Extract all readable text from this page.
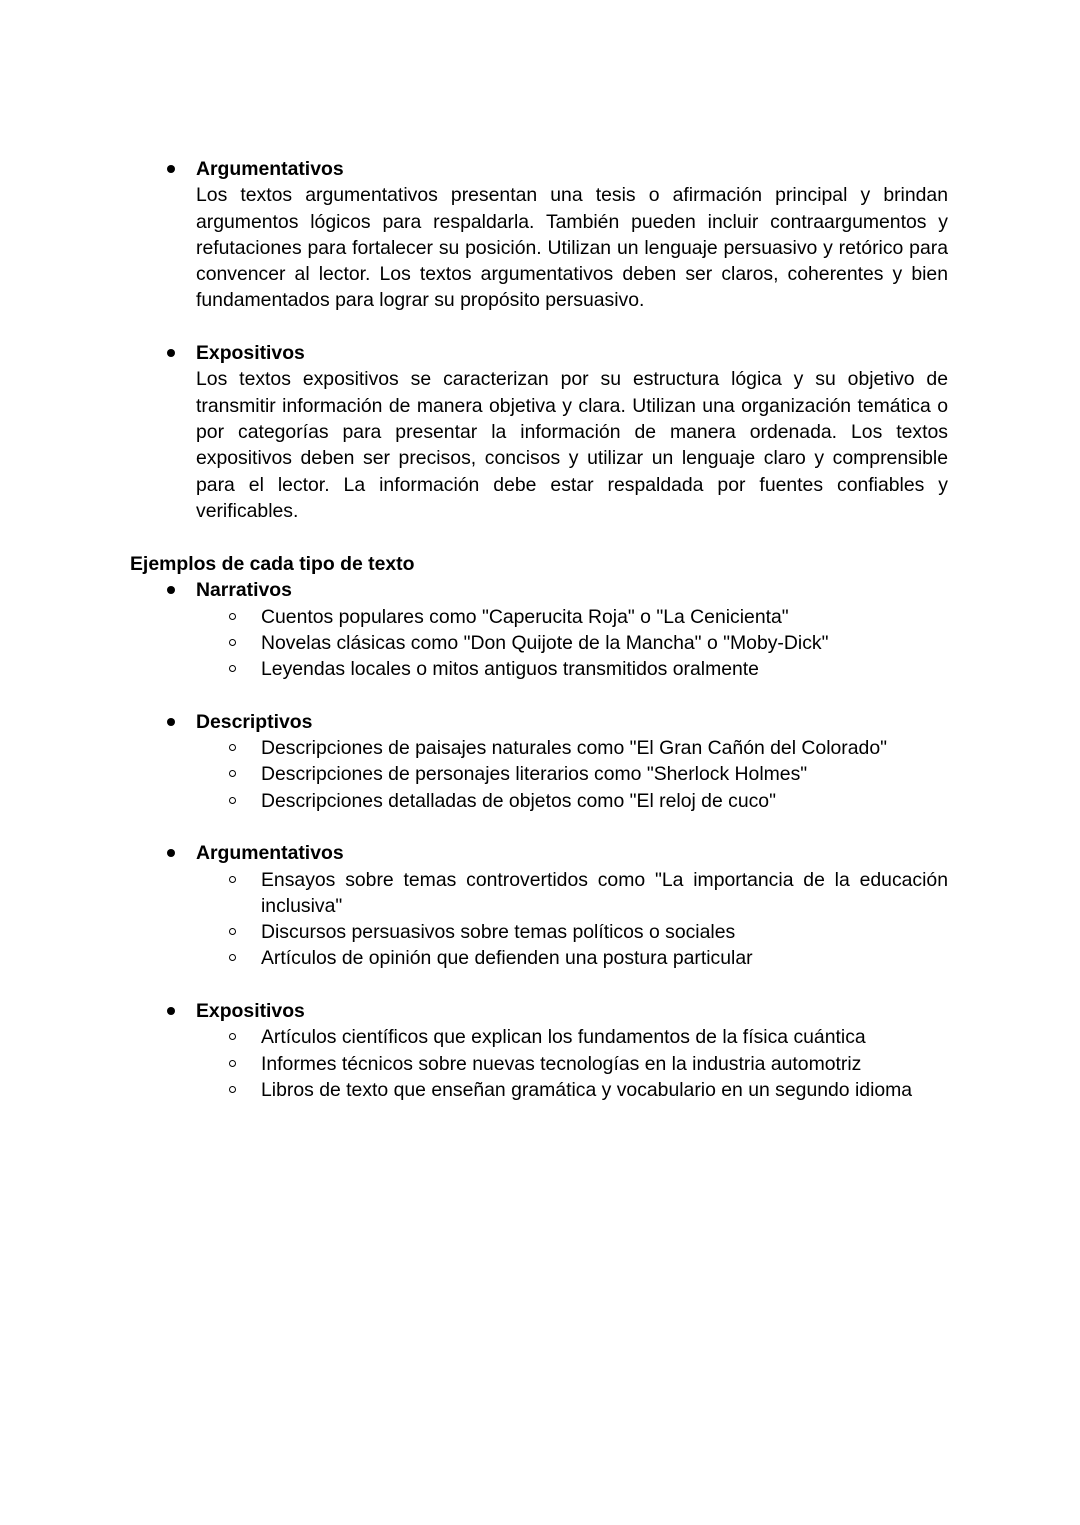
Argumentativos
Los textos argumentativos presentan una tesis o afirmación principal y brindan argumentos lógicos para respaldarla. También pueden incluir contraargumentos y refutaciones para fortalecer su posición. Utilizan un lenguaje persuasivo y retórico para convencer al lector. Los textos argumentativos deben ser claros, coherentes y bien fundamentados para lograr su propósito persuasivo.
Expositivos
Los textos expositivos se caracterizan por su estructura lógica y su objetivo de transmitir información de manera objetiva y clara. Utilizan una organización temática o por categorías para presentar la información de manera ordenada. Los textos expositivos deben ser precisos, concisos y utilizar un lenguaje claro y comprensible para el lector. La información debe estar respaldada por fuentes confiables y verificables.
Ejemplos de cada tipo de texto
Narrativos
Cuentos populares como "Caperucita Roja" o "La Cenicienta"
Novelas clásicas como "Don Quijote de la Mancha" o "Moby-Dick"
Leyendas locales o mitos antiguos transmitidos oralmente
Descriptivos
Descripciones de paisajes naturales como "El Gran Cañón del Colorado"
Descripciones de personajes literarios como "Sherlock Holmes"
Descripciones detalladas de objetos como "El reloj de cuco"
Argumentativos
Ensayos sobre temas controvertidos como "La importancia de la educación inclusiva"
Discursos persuasivos sobre temas políticos o sociales
Artículos de opinión que defienden una postura particular
Expositivos
Artículos científicos que explican los fundamentos de la física cuántica
Informes técnicos sobre nuevas tecnologías en la industria automotriz
Libros de texto que enseñan gramática y vocabulario en un segundo idioma
